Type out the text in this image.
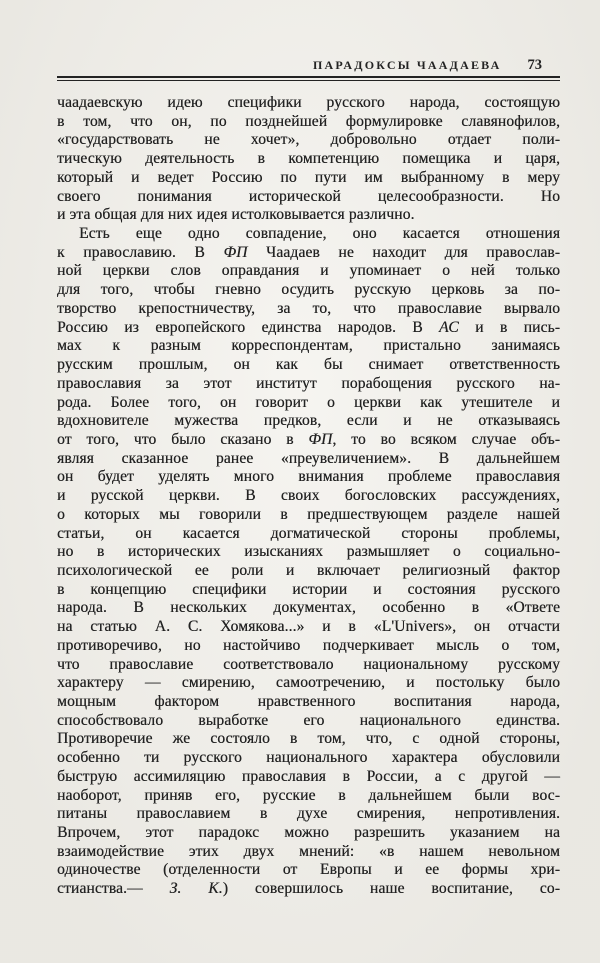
ПАРАДОКСЫ ЧААДАЕВА 73
чаадаевскую идею специфики русского народа, состоящую
в том, что он, по позднейшей формулировке славянофилов,
«государствовать не хочет», добровольно отдает поли-
тическую деятельность в компетенцию помещика и царя,
который и ведет Россию по пути им выбранному в меру
своего понимания исторической целесообразности. Но
и эта общая для них идея истолковывается различно.
Есть еще одно совпадение, оно касается отношения
к православию. В ФП Чаадаев не находит для православ-
ной церкви слов оправдания и упоминает о ней только
для того, чтобы гневно осудить русскую церковь за по-
творство крепостничеству, за то, что православие вырвало
Россию из европейского единства народов. В АС и в пись-
мах к разным корреспондентам, пристально занимаясь
русским прошлым, он как бы снимает ответственность
православия за этот институт порабощения русского на-
рода. Более того, он говорит о церкви как утешителе и
вдохновителе мужества предков, если и не отказываясь
от того, что было сказано в ФП, то во всяком случае объ-
являя сказанное ранее «преувеличением». В дальнейшем
он будет уделять много внимания проблеме православия
и русской церкви. В своих богословских рассуждениях,
о которых мы говорили в предшествующем разделе нашей
статьи, он касается догматической стороны проблемы,
но в исторических изысканиях размышляет о социально-
психологической ее роли и включает религиозный фактор
в концепцию специфики истории и состояния русского
народа. В нескольких документах, особенно в «Ответе
на статью А. С. Хомякова...» и в «L'Univers», он отчасти
противоречиво, но настойчиво подчеркивает мысль о том,
что православие соответствовало национальному русскому
характеру — смирению, самоотречению, и постольку было
мощным фактором нравственного воспитания народа,
способствовало выработке его национального единства.
Противоречие же состояло в том, что, с одной стороны,
особенно ти русского национального характера обусловили
быструю ассимиляцию православия в России, а с другой —
наоборот, приняв его, русские в дальнейшем были вос-
питаны православием в духе смирения, непротивления.
Впрочем, этот парадокс можно разрешить указанием на
взаимодействие этих двух мнений: «в нашем невольном
одиночестве (отделенности от Европы и ее формы хри-
стианства.— З. К.) совершилось наше воспитание, со-
